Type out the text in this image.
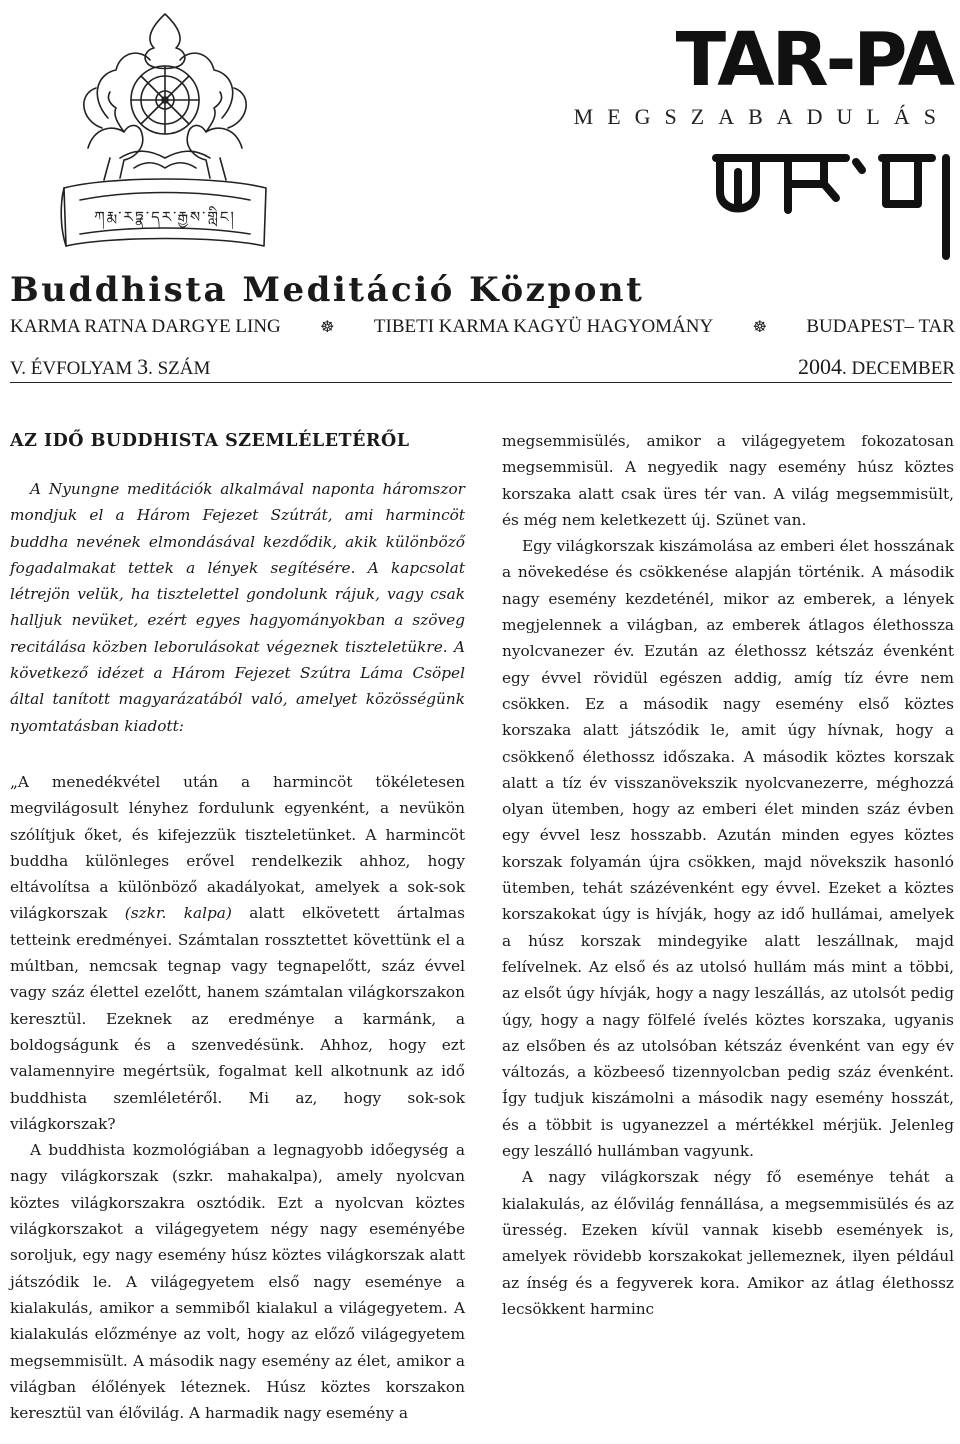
ཀརྨ་རཏྣ་དར་རྒྱས་གླིང།
TAR-PA
MEGSZABADULÁS
Buddhista Meditáció Központ
KARMA RATNA DARGYE LING ☸ TIBETI KARMA KAGYÜ HAGYOMÁNY ☸ BUDAPEST– TAR
V. ÉVFOLYAM 3. SZÁM	2004. DECEMBER
AZ IDŐ BUDDHISTA SZEMLÉLETÉRŐL

A Nyungne meditációk alkalmával naponta háromszor mondjuk el a Három Fejezet Szútrát, ami harmincöt buddha nevének elmondásával kezdődik, akik különböző fogadalmakat tettek a lények segítésére. A kapcsolat létrejön velük, ha tisztelettel gondolunk rájuk, vagy csak halljuk nevüket, ezért egyes hagyományokban a szöveg recitálása közben leborulásokat végeznek tiszteletükre. A következő idézet a Három Fejezet Szútra Láma Csöpel által tanított magyarázatából való, amelyet közösségünk nyomtatásban kiadott:

„A menedékvétel után a harmincöt tökéletesen megvilágosult lényhez fordulunk egyenként, a nevükön szólítjuk őket, és kifejezzük tiszteletünket. A harmincöt buddha különleges erővel rendelkezik ahhoz, hogy eltávolítsa a különböző akadályokat, amelyek a sok-sok világkorszak (szkr. kalpa) alatt elkövetett ártalmas tetteink eredményei. Számtalan rossztettet követtünk el a múltban, nemcsak tegnap vagy tegnapelőtt, száz évvel vagy száz élettel ezelőtt, hanem számtalan világkorszakon keresztül. Ezeknek az eredménye a karmánk, a boldogságunk és a szenvedésünk. Ahhoz, hogy ezt valamennyire megértsük, fogalmat kell alkotnunk az idő buddhista szemléletéről. Mi az, hogy sok-sok világkorszak?

A buddhista kozmológiában a legnagyobb időegység a nagy világkorszak (szkr. mahakalpa), amely nyolcvan köztes világkorszakra osztódik. Ezt a nyolcvan köztes világkorszakot a világegyetem négy nagy eseményébe soroljuk, egy nagy esemény húsz köztes világkorszak alatt játszódik le. A világegyetem első nagy eseménye a kialakulás, amikor a semmiből kialakul a világegyetem. A kialakulás előzménye az volt, hogy az előző világegyetem megsemmisült. A második nagy esemény az élet, amikor a világban élőlények léteznek. Húsz köztes korszakon keresztül van élővilág. A harmadik nagy esemény a

megsemmisülés, amikor a világegyetem fokozatosan megsemmisül. A negyedik nagy esemény húsz köztes korszaka alatt csak üres tér van. A világ megsemmisült, és még nem keletkezett új. Szünet van.

Egy világkorszak kiszámolása az emberi élet hosszának a növekedése és csökkenése alapján történik. A második nagy esemény kezdeténél, mikor az emberek, a lények megjelennek a világban, az emberek átlagos élethossza nyolcvanezer év. Ezután az élethossz kétszáz évenként egy évvel rövidül egészen addig, amíg tíz évre nem csökken. Ez a második nagy esemény első köztes korszaka alatt játszódik le, amit úgy hívnak, hogy a csökkenő élethossz időszaka. A második köztes korszak alatt a tíz év visszanövekszik nyolcvanezerre, méghozzá olyan ütemben, hogy az emberi élet minden száz évben egy évvel lesz hosszabb. Azután minden egyes köztes korszak folyamán újra csökken, majd növekszik hasonló ütemben, tehát százévenként egy évvel. Ezeket a köztes korszakokat úgy is hívják, hogy az idő hullámai, amelyek a húsz korszak mindegyike alatt leszállnak, majd felívelnek. Az első és az utolsó hullám más mint a többi, az elsőt úgy hívják, hogy a nagy leszállás, az utolsót pedig úgy, hogy a nagy fölfelé ívelés köztes korszaka, ugyanis az elsőben és az utolsóban kétszáz évenként van egy év változás, a közbeeső tizennyolcban pedig száz évenként. Így tudjuk kiszámolni a második nagy esemény hosszát, és a többit is ugyanezzel a mértékkel mérjük. Jelenleg egy leszálló hullámban vagyunk.

A nagy világkorszak négy fő eseménye tehát a kialakulás, az élővilág fennállása, a megsemmisülés és az üresség. Ezeken kívül vannak kisebb események is, amelyek rövidebb korszakokat jellemeznek, ilyen például az ínség és a fegyverek kora. Amikor az átlag élethossz lecsökkent harminc
